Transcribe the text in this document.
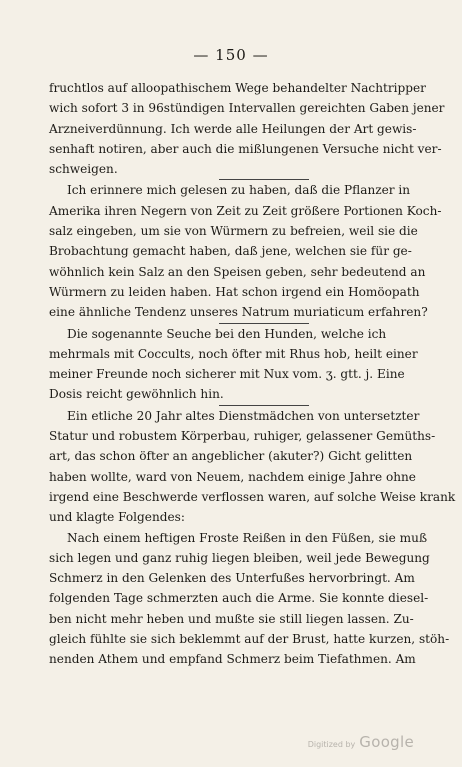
— 150 —
fruchtlos auf alloopathischem Wege behandelter Nachtripper
wich sofort 3 in 96stündigen Intervallen gereichten Gaben jener
Arzneiverdünnung. Ich werde alle Heilungen der Art gewis-
senhaft notiren, aber auch die mißlungenen Versuche nicht ver-
schweigen.
Ich erinnere mich gelesen zu haben, daß die Pflanzer in
Amerika ihren Negern von Zeit zu Zeit größere Portionen Koch-
salz eingeben, um sie von Würmern zu befreien, weil sie die
Brobachtung gemacht haben, daß jene, welchen sie für ge-
wöhnlich kein Salz an den Speisen geben, sehr bedeutend an
Würmern zu leiden haben. Hat schon irgend ein Homöopath
eine ähnliche Tendenz unseres Natrum muriaticum erfahren?
Die sogenannte Seuche bei den Hunden, welche ich
mehrmals mit Coccults, noch öfter mit Rhus hob, heilt einer
meiner Freunde noch sicherer mit Nux vom. ʒ. gtt. j. Eine
Dosis reicht gewöhnlich hin.
Ein etliche 20 Jahr altes Dienstmädchen von untersetzter
Statur und robustem Körperbau, ruhiger, gelassener Gemüths-
art, das schon öfter an angeblicher (akuter?) Gicht gelitten
haben wollte, ward von Neuem, nachdem einige Jahre ohne
irgend eine Beschwerde verflossen waren, auf solche Weise krank
und klagte Folgendes:
Nach einem heftigen Froste Reißen in den Füßen, sie muß
sich legen und ganz ruhig liegen bleiben, weil jede Bewegung
Schmerz in den Gelenken des Unterfußes hervorbringt. Am
folgenden Tage schmerzten auch die Arme. Sie konnte diesel-
ben nicht mehr heben und mußte sie still liegen lassen. Zu-
gleich fühlte sie sich beklemmt auf der Brust, hatte kurzen, stöh-
nenden Athem und empfand Schmerz beim Tiefathmen. Am
Digitized by Google
